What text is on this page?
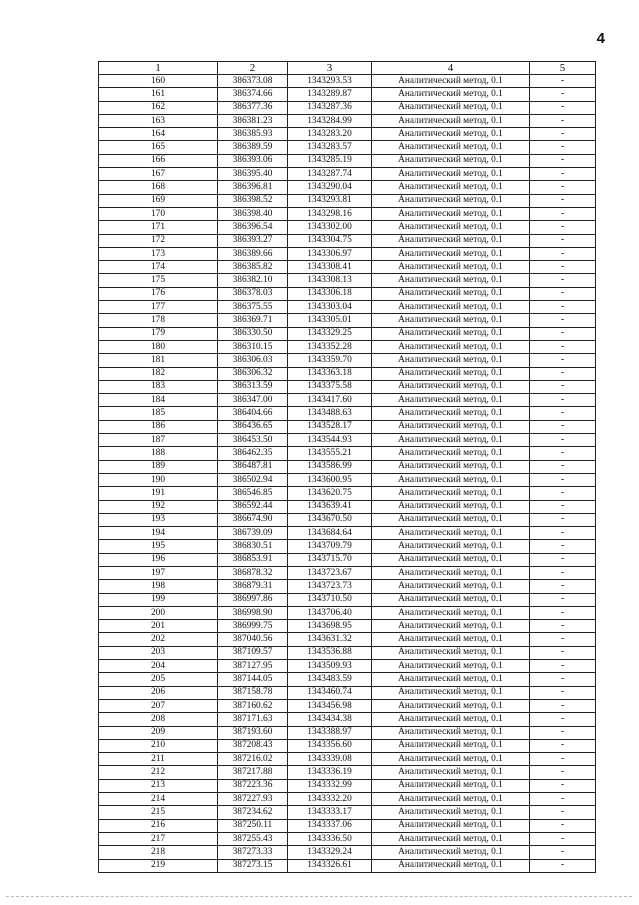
4
1	2	3	4	5
160	386373.08	1343293.53	Аналитический метод, 0.1	-
161	386374.66	1343289.87	Аналитический метод, 0.1	-
162	386377.36	1343287.36	Аналитический метод, 0.1	-
163	386381.23	1343284.99	Аналитический метод, 0.1	-
164	386385.93	1343283.20	Аналитический метод, 0.1	-
165	386389.59	1343283.57	Аналитический метод, 0.1	-
166	386393.06	1343285.19	Аналитический метод, 0.1	-
167	386395.40	1343287.74	Аналитический метод, 0.1	-
168	386396.81	1343290.04	Аналитический метод, 0.1	-
169	386398.52	1343293.81	Аналитический метод, 0.1	-
170	386398.40	1343298.16	Аналитический метод, 0.1	-
171	386396.54	1343302.00	Аналитический метод, 0.1	-
172	386393.27	1343304.75	Аналитический метод, 0.1	-
173	386389.66	1343306.97	Аналитический метод, 0.1	-
174	386385.82	1343308.41	Аналитический метод, 0.1	-
175	386382.10	1343308.13	Аналитический метод, 0.1	-
176	386378.03	1343306.18	Аналитический метод, 0.1	-
177	386375.55	1343303.04	Аналитический метод, 0.1	-
178	386369.71	1343305.01	Аналитический метод, 0.1	-
179	386330.50	1343329.25	Аналитический метод, 0.1	-
180	386310.15	1343352.28	Аналитический метод, 0.1	-
181	386306.03	1343359.70	Аналитический метод, 0.1	-
182	386306.32	1343363.18	Аналитический метод, 0.1	-
183	386313.59	1343375.58	Аналитический метод, 0.1	-
184	386347.00	1343417.60	Аналитический метод, 0.1	-
185	386404.66	1343488.63	Аналитический метод, 0.1	-
186	386436.65	1343528.17	Аналитический метод, 0.1	-
187	386453.50	1343544.93	Аналитический метод, 0.1	-
188	386462.35	1343555.21	Аналитический метод, 0.1	-
189	386487.81	1343586.99	Аналитический метод, 0.1	-
190	386502.94	1343600.95	Аналитический метод, 0.1	-
191	386546.85	1343620.75	Аналитический метод, 0.1	-
192	386592.44	1343639.41	Аналитический метод, 0.1	-
193	386674.90	1343670.50	Аналитический метод, 0.1	-
194	386739.09	1343684.64	Аналитический метод, 0.1	-
195	386830.51	1343709.79	Аналитический метод, 0.1	-
196	386853.91	1343715.70	Аналитический метод, 0.1	-
197	386878.32	1343723.67	Аналитический метод, 0.1	-
198	386879.31	1343723.73	Аналитический метод, 0.1	-
199	386997.86	1343710.50	Аналитический метод, 0.1	-
200	386998.90	1343706.40	Аналитический метод, 0.1	-
201	386999.75	1343698.95	Аналитический метод, 0.1	-
202	387040.56	1343631.32	Аналитический метод, 0.1	-
203	387109.57	1343536.88	Аналитический метод, 0.1	-
204	387127.95	1343509.93	Аналитический метод, 0.1	-
205	387144.05	1343483.59	Аналитический метод, 0.1	-
206	387158.78	1343460.74	Аналитический метод, 0.1	-
207	387160.62	1343456.98	Аналитический метод, 0.1	-
208	387171.63	1343434.38	Аналитический метод, 0.1	-
209	387193.60	1343388.97	Аналитический метод, 0.1	-
210	387208.43	1343356.60	Аналитический метод, 0.1	-
211	387216.02	1343339.08	Аналитический метод, 0.1	-
212	387217.88	1343336.19	Аналитический метод, 0.1	-
213	387223.36	1343332.99	Аналитический метод, 0.1	-
214	387227.93	1343332.20	Аналитический метод, 0.1	-
215	387234.62	1343333.17	Аналитический метод, 0.1	-
216	387250.11	1343337.06	Аналитический метод, 0.1	-
217	387255.43	1343336.50	Аналитический метод, 0.1	-
218	387273.33	1343329.24	Аналитический метод, 0.1	-
219	387273.15	1343326.61	Аналитический метод, 0.1	-
